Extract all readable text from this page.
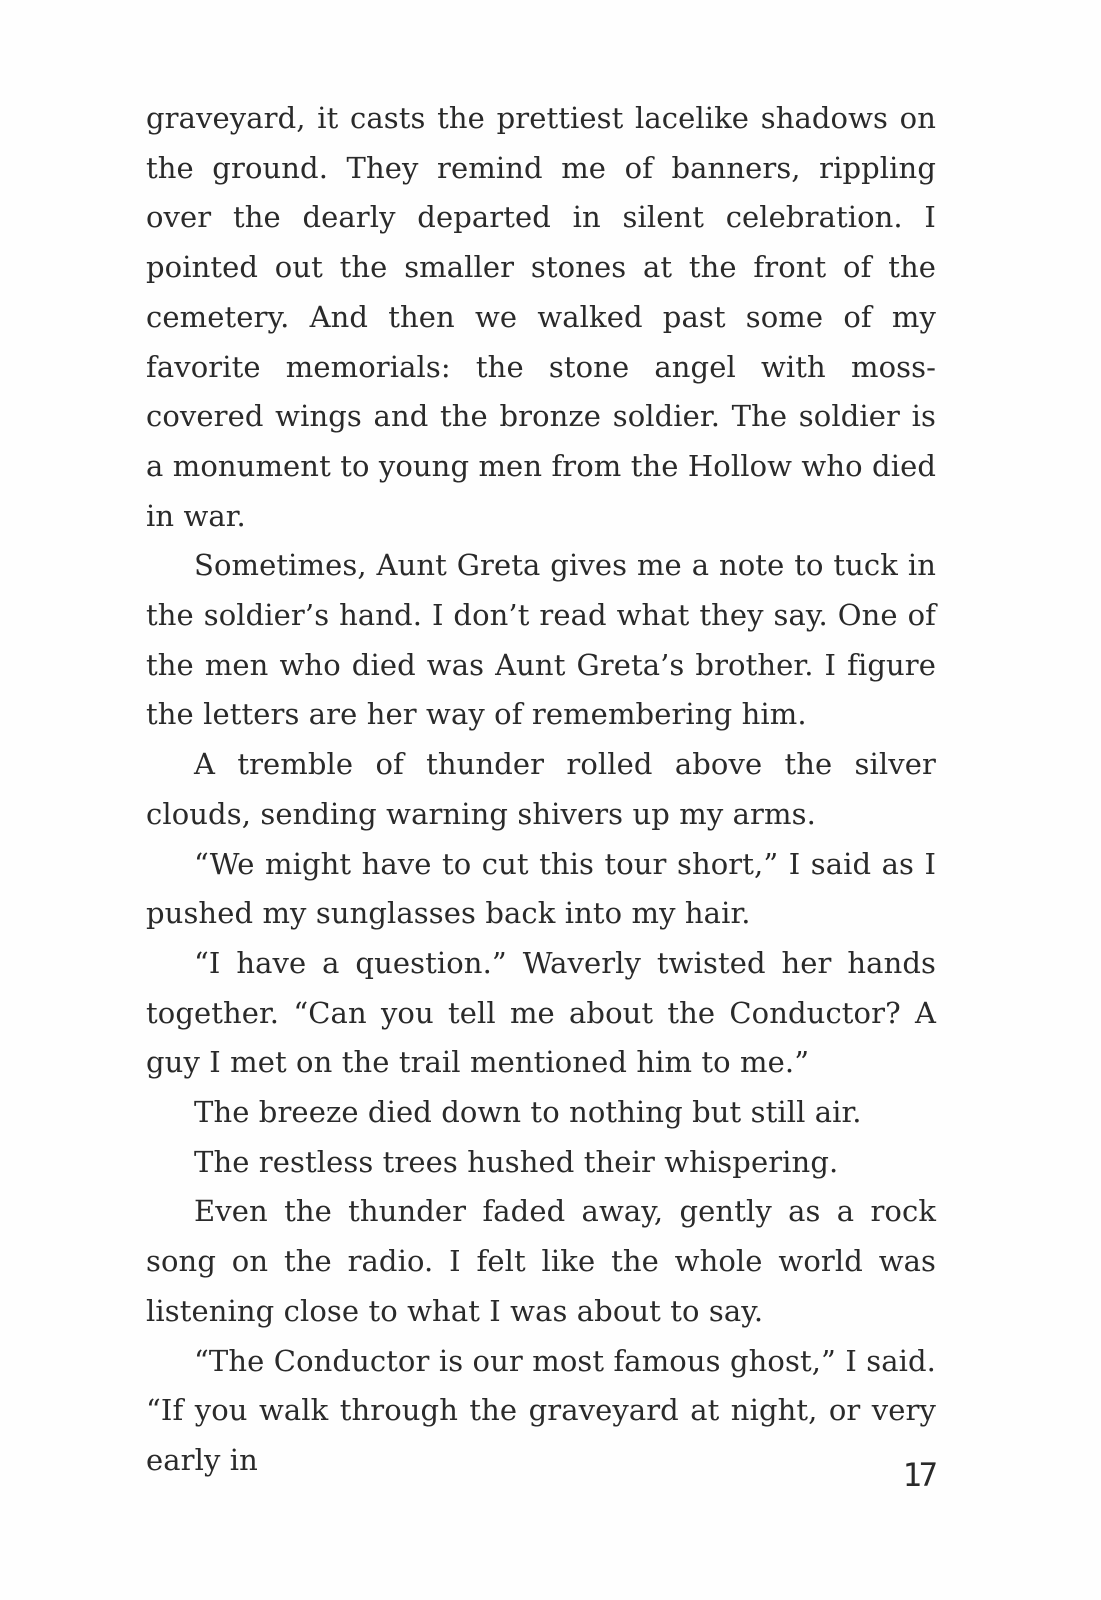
graveyard, it casts the prettiest lacelike shadows on the ground. They remind me of banners, rippling over the dearly departed in silent celebration. I pointed out the smaller stones at the front of the cemetery. And then we walked past some of my favorite memorials: the stone angel with moss-covered wings and the bronze soldier. The soldier is a monument to young men from the Hollow who died in war.

Sometimes, Aunt Greta gives me a note to tuck in the soldier’s hand. I don’t read what they say. One of the men who died was Aunt Greta’s brother. I figure the letters are her way of remembering him.

A tremble of thunder rolled above the silver clouds, sending warning shivers up my arms.

“We might have to cut this tour short,” I said as I pushed my sunglasses back into my hair.

“I have a question.” Waverly twisted her hands together. “Can you tell me about the Conductor? A guy I met on the trail mentioned him to me.”

The breeze died down to nothing but still air.

The restless trees hushed their whispering.

Even the thunder faded away, gently as a rock song on the radio. I felt like the whole world was listening close to what I was about to say.

“The Conductor is our most famous ghost,” I said. “If you walk through the graveyard at night, or very early in	17
